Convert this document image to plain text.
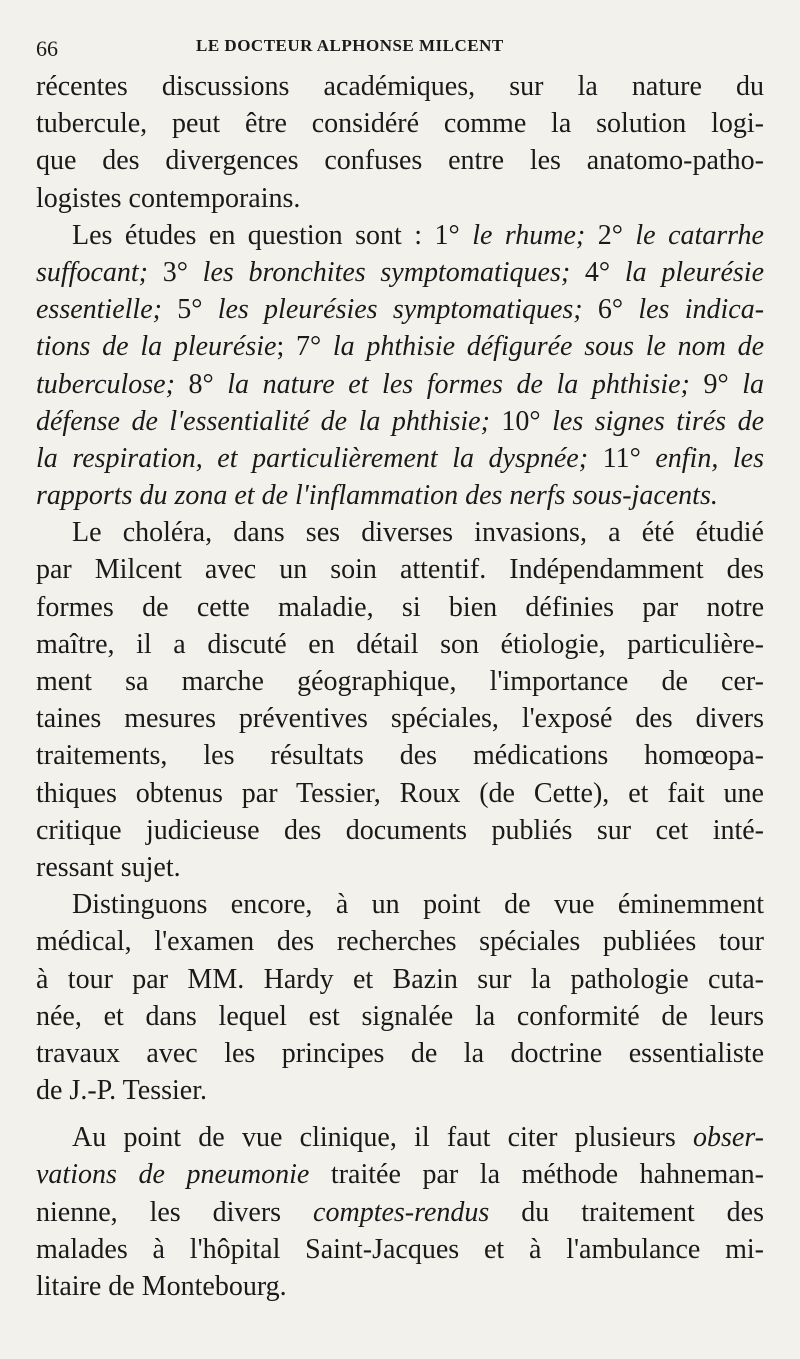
66	LE DOCTEUR ALPHONSE MILCENT
récentes discussions académiques, sur la nature du
tubercule, peut être considéré comme la solution logi-
que des divergences confuses entre les anatomo-patho-
logistes contemporains.
Les études en question sont : 1° le rhume; 2° le catarrhe
suffocant; 3° les bronchites symptomatiques; 4° la pleurésie
essentielle; 5° les pleurésies symptomatiques; 6° les indica-
tions de la pleurésie; 7° la phthisie défigurée sous le nom de
tuberculose; 8° la nature et les formes de la phthisie; 9° la
défense de l'essentialité de la phthisie; 10° les signes tirés de
la respiration, et particulièrement la dyspnée; 11° enfin, les
rapports du zona et de l'inflammation des nerfs sous-jacents.
Le choléra, dans ses diverses invasions, a été étudié
par Milcent avec un soin attentif. Indépendamment des
formes de cette maladie, si bien définies par notre
maître, il a discuté en détail son étiologie, particulière-
ment sa marche géographique, l'importance de cer-
taines mesures préventives spéciales, l'exposé des divers
traitements, les résultats des médications homœopa-
thiques obtenus par Tessier, Roux (de Cette), et fait une
critique judicieuse des documents publiés sur cet inté-
ressant sujet.
Distinguons encore, à un point de vue éminemment
médical, l'examen des recherches spéciales publiées tour
à tour par MM. Hardy et Bazin sur la pathologie cuta-
née, et dans lequel est signalée la conformité de leurs
travaux avec les principes de la doctrine essentialiste
de J.-P. Tessier.
Au point de vue clinique, il faut citer plusieurs obser-
vations de pneumonie traitée par la méthode hahneman-
nienne, les divers comptes-rendus du traitement des
malades à l'hôpital Saint-Jacques et à l'ambulance mi-
litaire de Montebourg.
